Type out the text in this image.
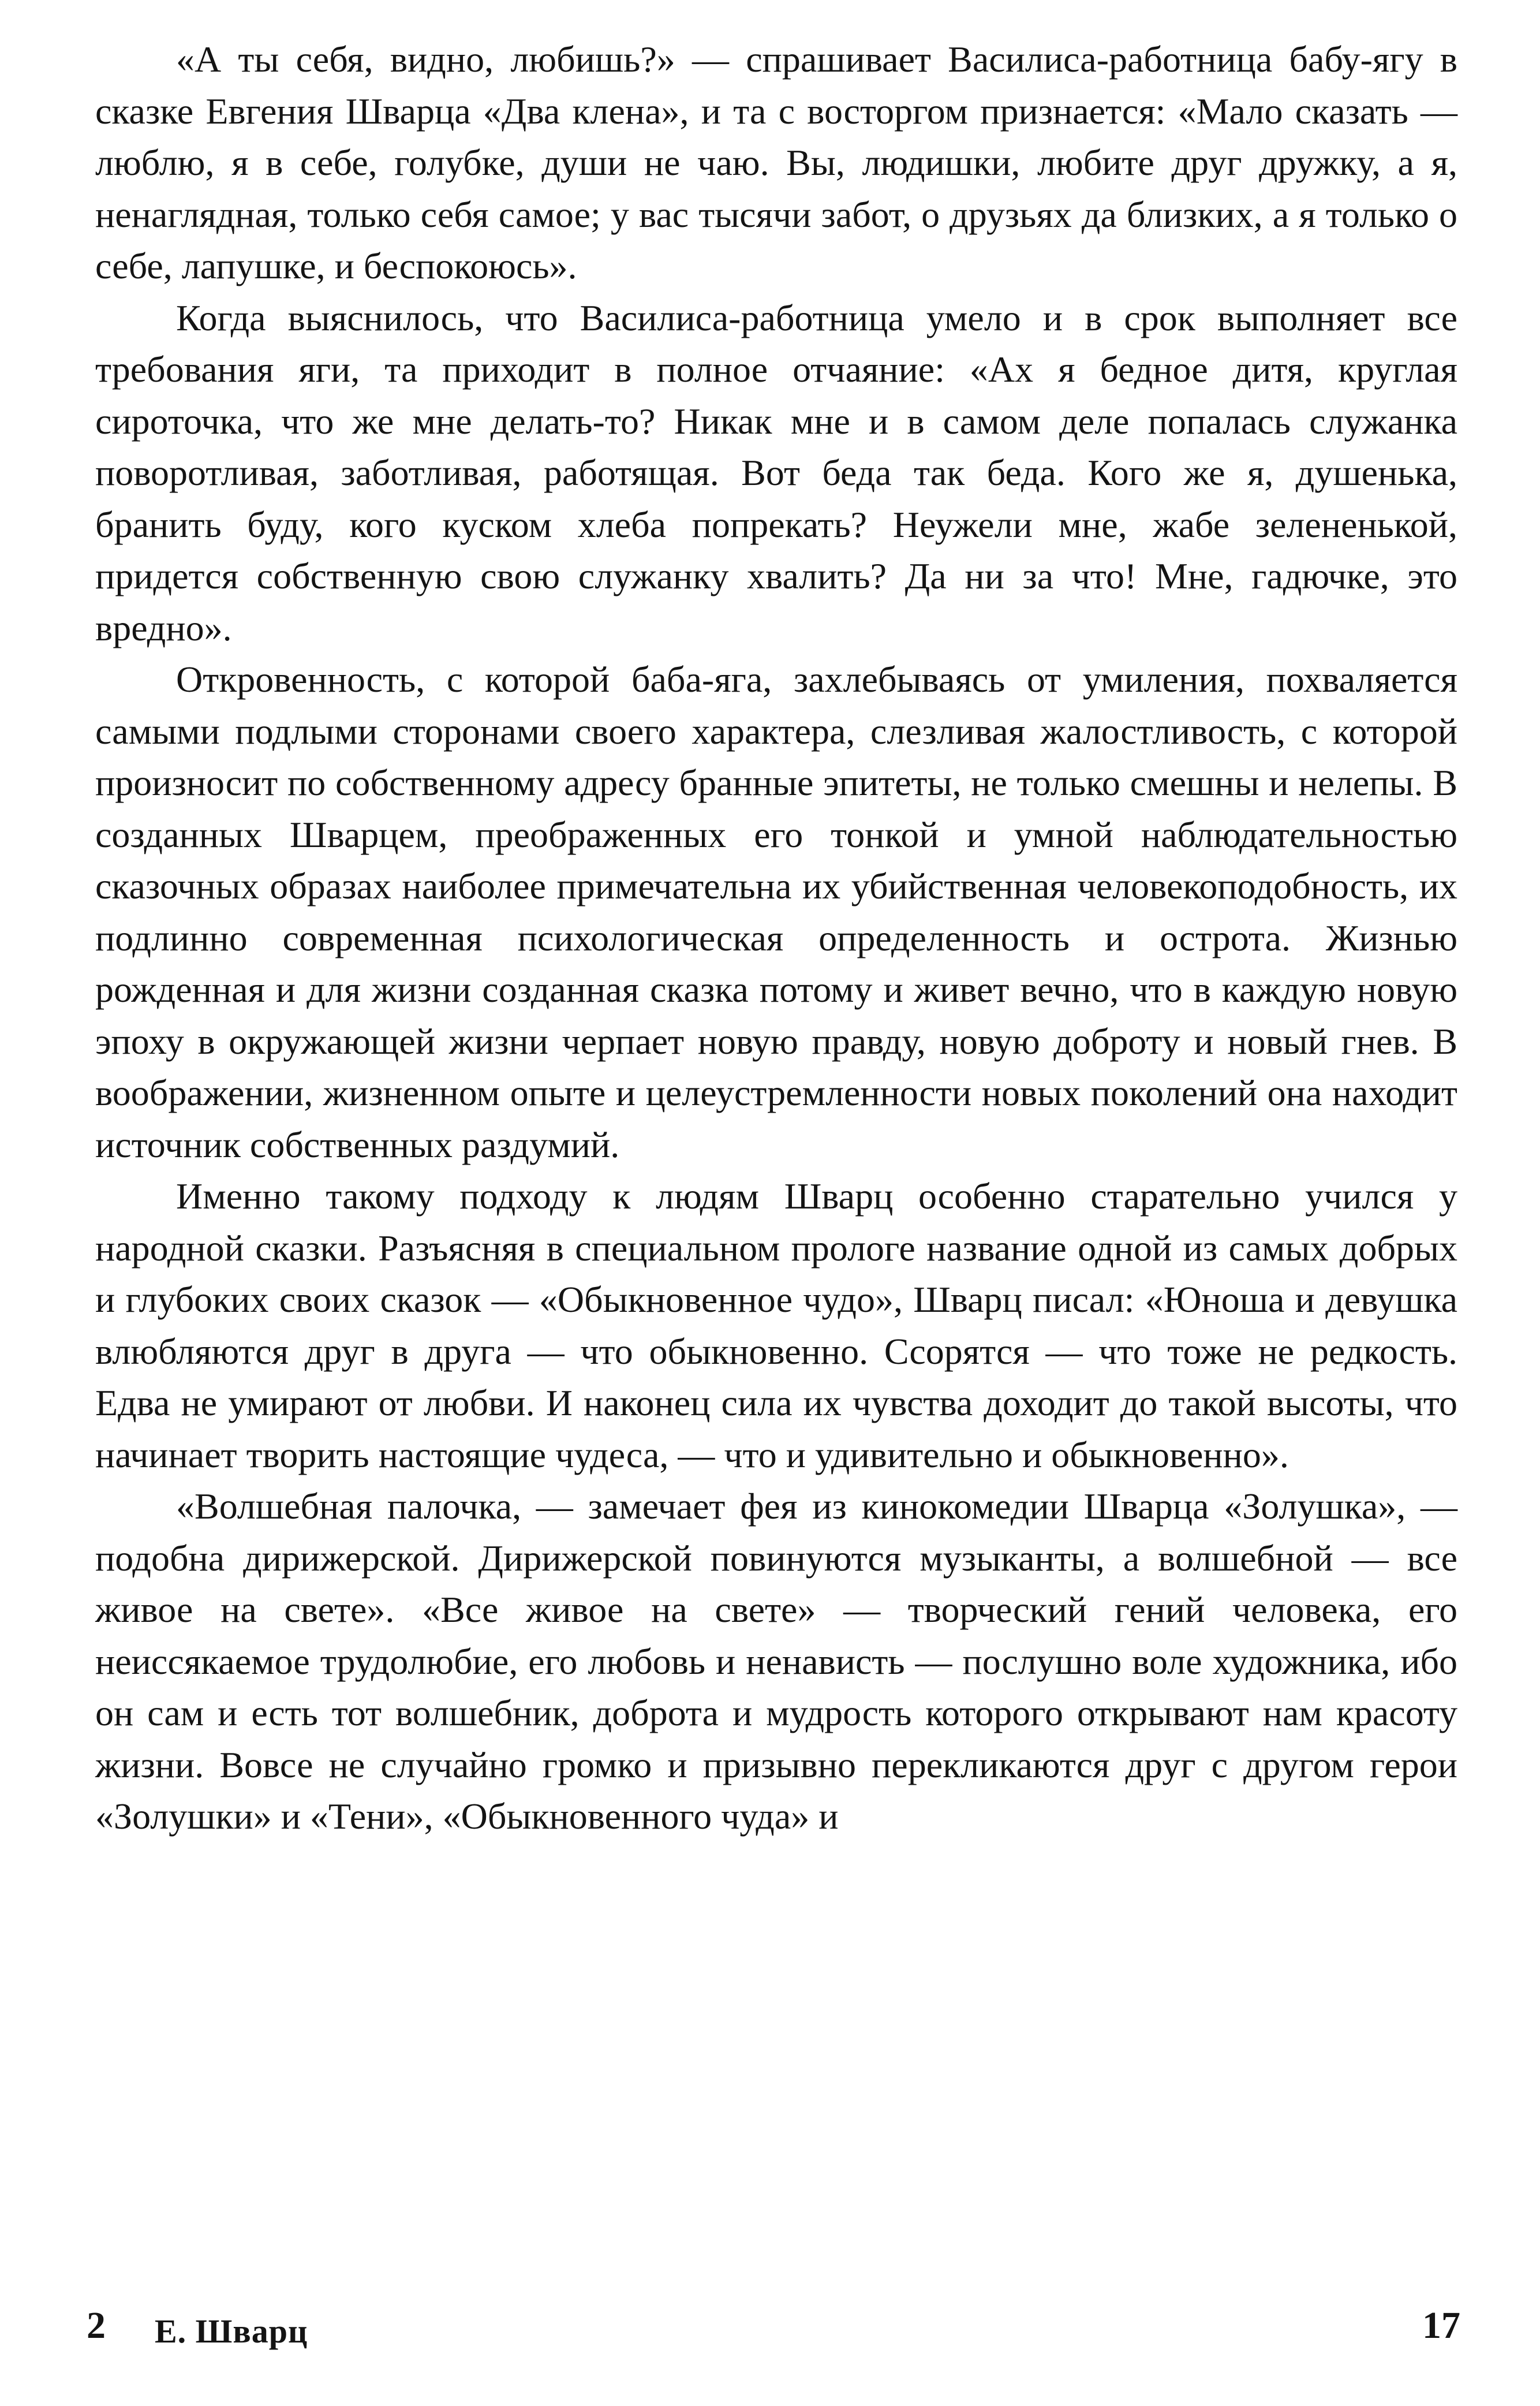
«А ты себя, видно, любишь?» — спрашивает Василиса-работница бабу-ягу в сказке Евгения Шварца «Два клена», и та с восторгом признается: «Мало сказать — люблю, я в себе, голубке, души не чаю. Вы, людишки, любите друг дружку, а я, ненаглядная, только себя самое; у вас тысячи забот, о друзьях да близких, а я только о себе, лапушке, и беспокоюсь».

Когда выяснилось, что Василиса-работница умело и в срок выполняет все требования яги, та приходит в полное отчаяние: «Ах я бедное дитя, круглая сироточка, что же мне делать-то? Никак мне и в самом деле попалась служанка поворотливая, заботливая, работящая. Вот беда так беда. Кого же я, душенька, бранить буду, кого куском хлеба попрекать? Неужели мне, жабе зелененькой, придется собственную свою служанку хвалить? Да ни за что! Мне, гадючке, это вредно».

Откровенность, с которой баба-яга, захлебываясь от умиления, похваляется самыми подлыми сторонами своего характера, слезливая жалостливость, с которой произносит по собственному адресу бранные эпитеты, не только смешны и нелепы. В созданных Шварцем, преображенных его тонкой и умной наблюдательностью сказочных образах наиболее примечательна их убийственная человекоподобность, их подлинно современная психологическая определенность и острота. Жизнью рожденная и для жизни созданная сказка потому и живет вечно, что в каждую новую эпоху в окружающей жизни черпает новую правду, новую доброту и новый гнев. В воображении, жизненном опыте и целеустремленности новых поколений она находит источник собственных раздумий.

Именно такому подходу к людям Шварц особенно старательно учился у народной сказки. Разъясняя в специальном прологе название одной из самых добрых и глубоких своих сказок — «Обыкновенное чудо», Шварц писал: «Юноша и девушка влюбляются друг в друга — что обыкновенно. Ссорятся — что тоже не редкость. Едва не умирают от любви. И наконец сила их чувства доходит до такой высоты, что начинает творить настоящие чудеса, — что и удивительно и обыкновенно».

«Волшебная палочка, — замечает фея из кинокомедии Шварца «Золушка», — подобна дирижерской. Дирижерской повинуются музыканты, а волшебной — все живое на свете». «Все живое на свете» — творческий гений человека, его неиссякаемое трудолюбие, его любовь и ненависть — послушно воле художника, ибо он сам и есть тот волшебник, доброта и мудрость которого открывают нам красоту жизни. Вовсе не случайно громко и призывно перекликаются друг с другом герои «Золушки» и «Тени», «Обыкновенного чуда» и

2 Е. Шварц	17
